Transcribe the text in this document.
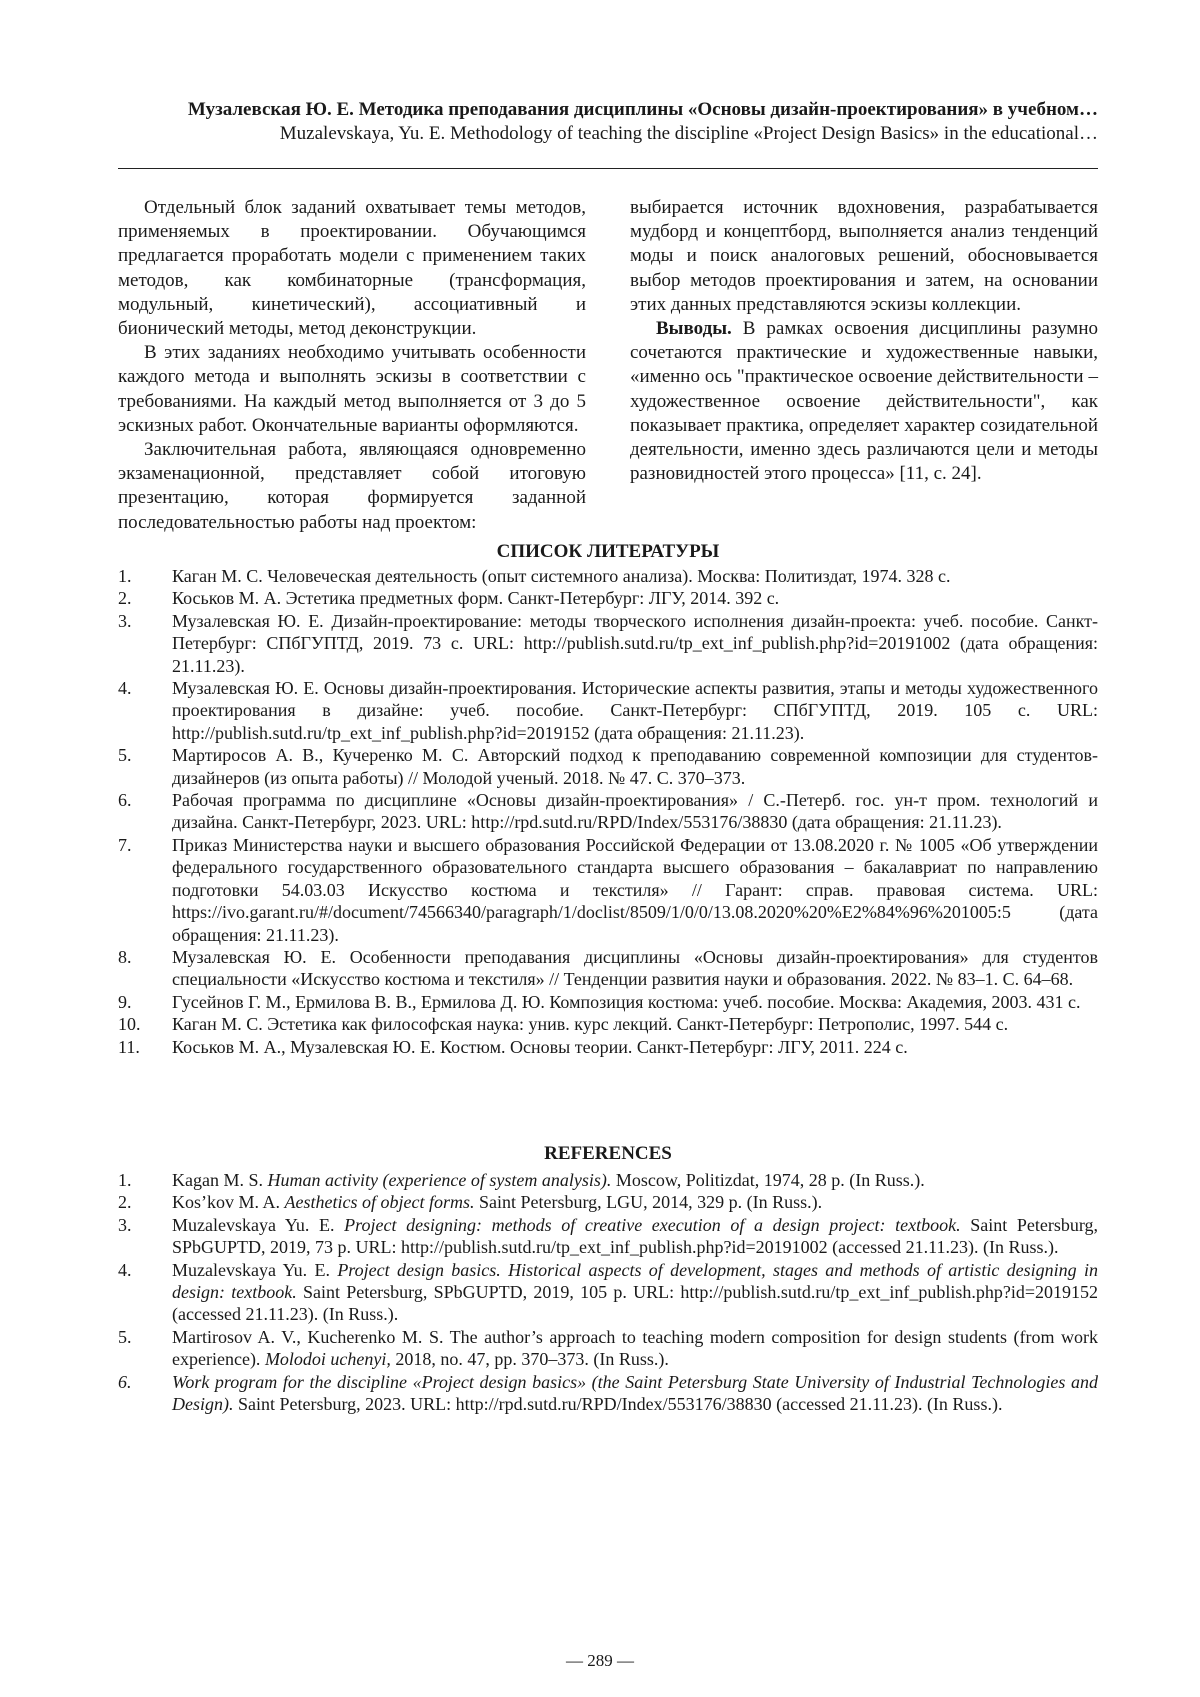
Музалевская Ю. Е. Методика преподавания дисциплины «Основы дизайн-проектирования» в учебном…
Muzalevskaya, Yu. E. Methodology of teaching the discipline «Project Design Basics» in the educational…

Отдельный блок заданий охватывает темы методов, применяемых в проектировании. Обучающимся предлагается проработать модели с применением таких методов, как комбинаторные (трансформация, модульный, кинетический), ассоциативный и бионический методы, метод деконструкции.

В этих заданиях необходимо учитывать особенности каждого метода и выполнять эскизы в соответствии с требованиями. На каждый метод выполняется от 3 до 5 эскизных работ. Окончательные варианты оформляются.

Заключительная работа, являющаяся одновременно экзаменационной, представляет собой итоговую презентацию, которая формируется заданной последовательностью работы над проектом:

выбирается источник вдохновения, разрабатывается мудборд и концептборд, выполняется анализ тенденций моды и поиск аналоговых решений, обосновывается выбор методов проектирования и затем, на основании этих данных представляются эскизы коллекции.

Выводы. В рамках освоения дисциплины разумно сочетаются практические и художественные навыки, «именно ось "практическое освоение действительности – художественное освоение действительности", как показывает практика, определяет характер созидательной деятельности, именно здесь различаются цели и методы разновидностей этого процесса» [11, с. 24].

СПИСОК ЛИТЕРАТУРЫ
1. Каган М. С. Человеческая деятельность (опыт системного анализа). Москва: Политиздат, 1974. 328 с.
2. Коськов М. А. Эстетика предметных форм. Санкт-Петербург: ЛГУ, 2014. 392 с.
3. Музалевская Ю. Е. Дизайн-проектирование: методы творческого исполнения дизайн-проекта: учеб. пособие. Санкт-Петербург: СПбГУПТД, 2019. 73 с. URL: http://publish.sutd.ru/tp_ext_inf_publish.php?id=20191002 (дата обращения: 21.11.23).
4. Музалевская Ю. Е. Основы дизайн-проектирования. Исторические аспекты развития, этапы и методы художественного проектирования в дизайне: учеб. пособие. Санкт-Петербург: СПбГУПТД, 2019. 105 с. URL: http://publish.sutd.ru/tp_ext_inf_publish.php?id=2019152 (дата обращения: 21.11.23).
5. Мартиросов А. В., Кучеренко М. С. Авторский подход к преподаванию современной композиции для студентов-дизайнеров (из опыта работы) // Молодой ученый. 2018. № 47. С. 370–373.
6. Рабочая программа по дисциплине «Основы дизайн-проектирования» / С.-Петерб. гос. ун-т пром. технологий и дизайна. Санкт-Петербург, 2023. URL: http://rpd.sutd.ru/RPD/Index/553176/38830 (дата обращения: 21.11.23).
7. Приказ Министерства науки и высшего образования Российской Федерации от 13.08.2020 г. № 1005 «Об утверждении федерального государственного образовательного стандарта высшего образования – бакалавриат по направлению подготовки 54.03.03 Искусство костюма и текстиля» // Гарант: справ. правовая система. URL: https://ivo.garant.ru/#/document/74566340/paragraph/1/doclist/8509/1/0/0/13.08.2020%20%E2%84%96%201005:5 (дата обращения: 21.11.23).
8. Музалевская Ю. Е. Особенности преподавания дисциплины «Основы дизайн-проектирования» для студентов специальности «Искусство костюма и текстиля» // Тенденции развития науки и образования. 2022. № 83–1. С. 64–68.
9. Гусейнов Г. М., Ермилова В. В., Ермилова Д. Ю. Композиция костюма: учеб. пособие. Москва: Академия, 2003. 431 с.
10. Каган М. С. Эстетика как философская наука: унив. курс лекций. Санкт-Петербург: Петрополис, 1997. 544 с.
11. Коськов М. А., Музалевская Ю. Е. Костюм. Основы теории. Санкт-Петербург: ЛГУ, 2011. 224 с.
REFERENCES
1. Kagan M. S. Human activity (experience of system analysis). Moscow, Politizdat, 1974, 28 p. (In Russ.).
2. Kos’kov M. A. Aesthetics of object forms. Saint Petersburg, LGU, 2014, 329 p. (In Russ.).
3. Muzalevskaya Yu. E. Project designing: methods of creative execution of a design project: textbook. Saint Petersburg, SPbGUPTD, 2019, 73 p. URL: http://publish.sutd.ru/tp_ext_inf_publish.php?id=20191002 (accessed 21.11.23). (In Russ.).
4. Muzalevskaya Yu. E. Project design basics. Historical aspects of development, stages and methods of artistic designing in design: textbook. Saint Petersburg, SPbGUPTD, 2019, 105 p. URL: http://publish.sutd.ru/tp_ext_inf_publish.php?id=2019152 (accessed 21.11.23). (In Russ.).
5. Martirosov A. V., Kucherenko M. S. The author’s approach to teaching modern composition for design students (from work experience). Molodoi uchenyi, 2018, no. 47, pp. 370–373. (In Russ.).
6. Work program for the discipline «Project design basics» (the Saint Petersburg State University of Industrial Technologies and Design). Saint Petersburg, 2023. URL: http://rpd.sutd.ru/RPD/Index/553176/38830 (accessed 21.11.23). (In Russ.).
— 289 —
